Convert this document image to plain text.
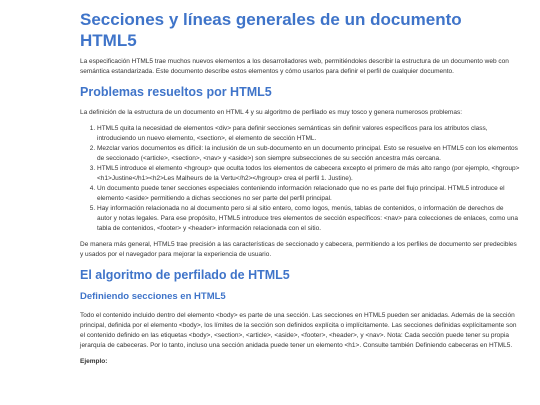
Secciones y líneas generales de un documento HTML5

La especificación HTML5 trae muchos nuevos elementos a los desarrolladores web, permitiéndoles describir la estructura de un documento web con semántica estandarizada. Este documento describe estos elementos y cómo usarlos para definir el perfil de cualquier documento.

Problemas resueltos por HTML5

La definición de la estructura de un documento en HTML 4 y su algoritmo de perfilado es muy tosco y genera numerosos problemas:

1. HTML5 quita la necesidad de elementos <div> para definir secciones semánticas sin definir valores específicos para los atributos class, introduciendo un nuevo elemento, <section>, el elemento de sección HTML.
2. Mezclar varios documentos es difícil: la inclusión de un sub-documento en un documento principal. Esto se resuelve en HTML5 con los elementos de seccionado (<article>, <section>, <nav> y <aside>) son siempre subsecciones de su sección ancestra más cercana.
3. HTML5 introduce el elemento <hgroup> que oculta todos los elementos de cabecera excepto el primero de más alto rango (por ejemplo, <hgroup><h1>Justine</h1><h2>Les Malheurs de la Vertu</h2></hgroup> crea el perfil 1. Justine).
4. Un documento puede tener secciones especiales conteniendo información relacionado que no es parte del flujo principal. HTML5 introduce el elemento <aside> permitiendo a dichas secciones no ser parte del perfil principal.
5. Hay información relacionada no al documento pero si al sitio entero, como logos, menús, tablas de contenidos, o información de derechos de autor y notas legales. Para ese propósito, HTML5 introduce tres elementos de sección específicos: <nav> para colecciones de enlaces, como una tabla de contenidos, <footer> y <header> información relacionada con el sitio.

De manera más general, HTML5 trae precisión a las características de seccionado y cabecera, permitiendo a los perfiles de documento ser predecibles y usados por el navegador para mejorar la experiencia de usuario.

El algoritmo de perfilado de HTML5
Definiendo secciones en HTML5

Todo el contenido incluido dentro del elemento <body> es parte de una sección. Las secciones en HTML5 pueden ser anidadas. Además de la sección principal, definida por el elemento <body>, los límites de la sección son definidos explícita o implícitamente. Las secciones definidas explícitamente son el contenido definido en las etiquetas <body>, <section>, <article>, <aside>, <footer>, <header>, y <nav>. Nota: Cada sección puede tener su propia jerarquía de cabeceras. Por lo tanto, incluso una sección anidada puede tener un elemento <h1>. Consulte también Definiendo cabeceras en HTML5.

Ejemplo:
